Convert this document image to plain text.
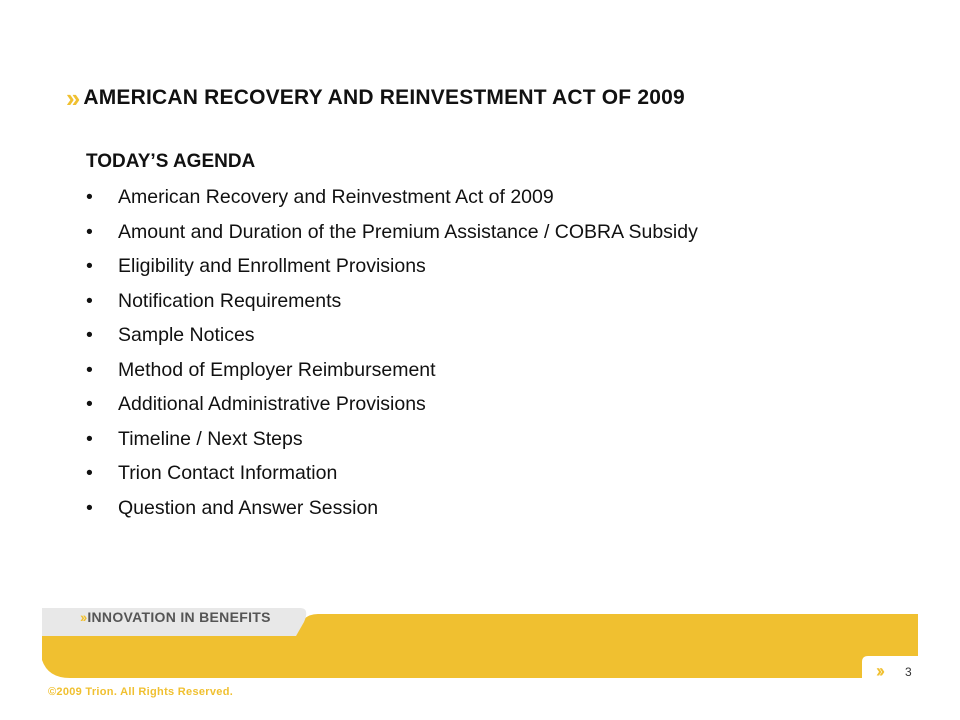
›› AMERICAN RECOVERY AND REINVESTMENT ACT OF 2009
TODAY’S AGENDA
•	American Recovery and Reinvestment Act of 2009
•	Amount and Duration of the Premium Assistance / COBRA Subsidy
•	Eligibility and Enrollment Provisions
•	Notification Requirements
•	Sample Notices
•	Method of Employer Reimbursement
•	Additional Administrative Provisions
•	Timeline / Next Steps
•	Trion Contact Information
•	Question and Answer Session
›› INNOVATION IN BENEFITS
©2009 Trion. All Rights Reserved.
›› 3
